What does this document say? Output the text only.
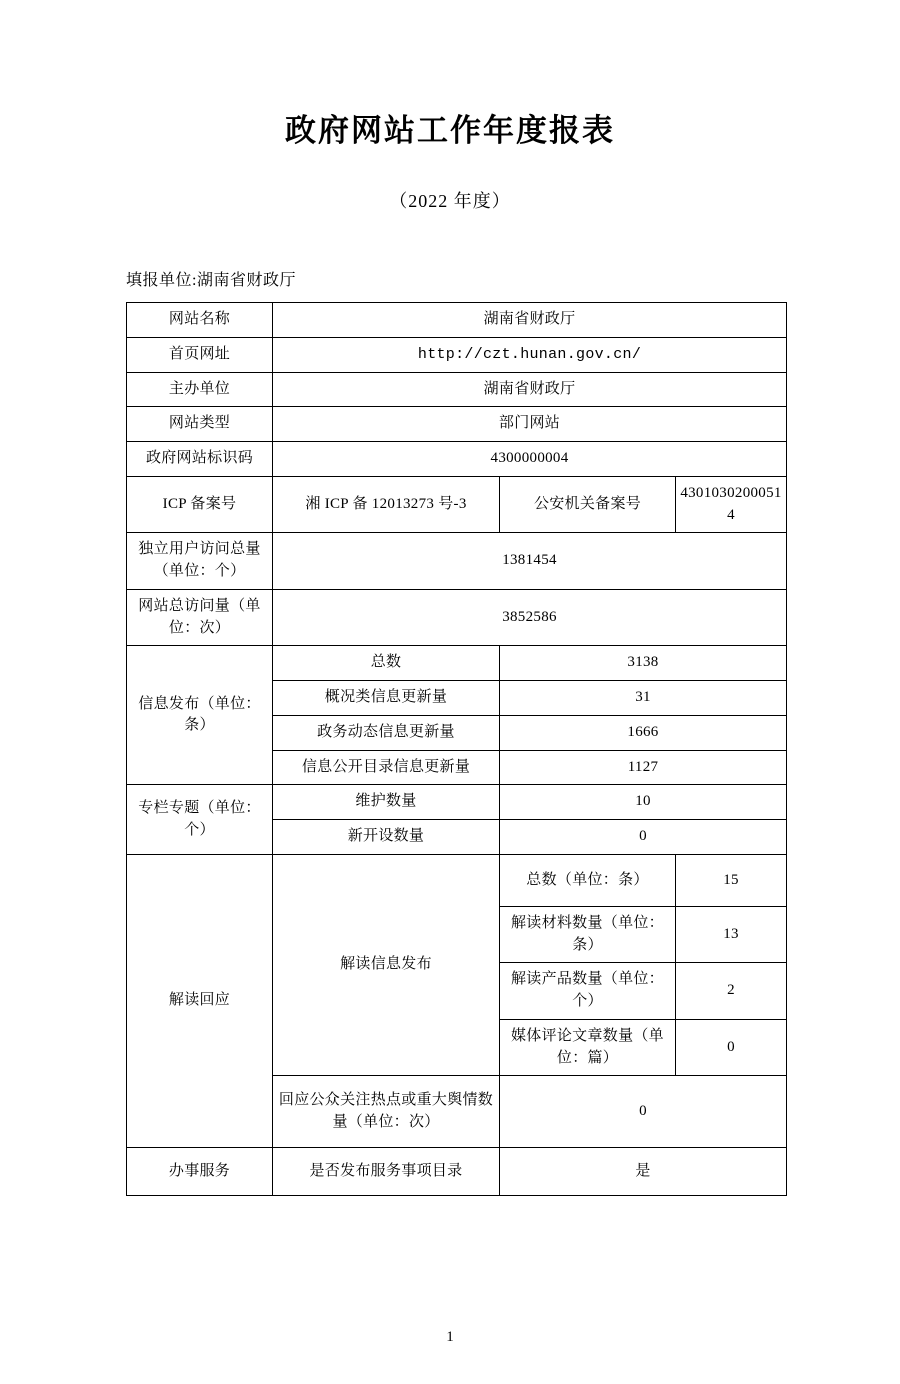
政府网站工作年度报表
（2022 年度）
填报单位:湖南省财政厅
网站名称	湖南省财政厅		
首页网址	http://czt.hunan.gov.cn/		
主办单位	湖南省财政厅		
网站类型	部门网站		
政府网站标识码	4300000004		
ICP 备案号	湘 ICP 备 12013273 号-3	公安机关备案号	43010302000514
独立用户访问总量（单位：个）	1381454		
网站总访问量（单位：次）	3852586		
信息发布（单位：条）	总数	3138	
	概况类信息更新量	31	
	政务动态信息更新量	1666	
	信息公开目录信息更新量	1127	
专栏专题（单位：个）	维护数量	10	
	新开设数量	0	
解读回应	解读信息发布	总数（单位：条）	15
		解读材料数量（单位：条）	13
		解读产品数量（单位：个）	2
		媒体评论文章数量（单位：篇）	0
	回应公众关注热点或重大舆情数量（单位：次）	0	
办事服务	是否发布服务事项目录	是	
1
